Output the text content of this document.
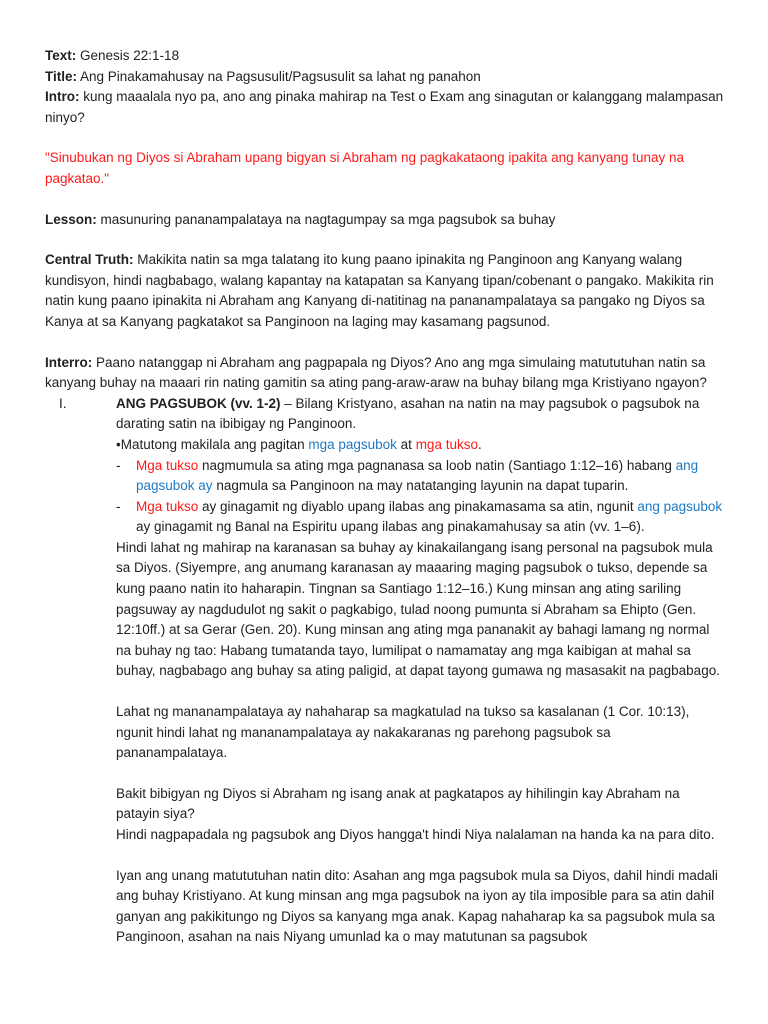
Text: Genesis 22:1-18

Title: Ang Pinakamahusay na Pagsusulit/Pagsusulit sa lahat ng panahon

Intro: kung maaalala nyo pa, ano ang pinaka mahirap na Test o Exam ang sinagutan or kalanggang malampasan ninyo?

"Sinubukan ng Diyos si Abraham upang bigyan si Abraham ng pagkakataong ipakita ang kanyang tunay na pagkatao."

Lesson: masunuring pananampalataya na nagtagumpay sa mga pagsubok sa buhay

Central Truth: Makikita natin sa mga talatang ito kung paano ipinakita ng Panginoon ang Kanyang walang kundisyon, hindi nagbabago, walang kapantay na katapatan sa Kanyang tipan/cobenant o pangako. Makikita rin natin kung paano ipinakita ni Abraham ang Kanyang di-natitinag na pananampalataya sa pangako ng Diyos sa Kanya at sa Kanyang pagkatakot sa Panginoon na laging may kasamang pagsunod.

Interro: Paano natanggap ni Abraham ang pagpapala ng Diyos? Ano ang mga simulaing matututuhan natin sa kanyang buhay na maaari rin nating gamitin sa ating pang-araw-araw na buhay bilang mga Kristiyano ngayon?

I.	ANG PAGSUBOK (vv. 1-2) – Bilang Kristyano, asahan na natin na may pagsubok o pagsubok na darating satin na ibibigay ng Panginoon.

•Matutong makilala ang pagitan mga pagsubok at mga tukso.

- Mga tukso nagmumula sa ating mga pagnanasa sa loob natin (Santiago 1:12–16) habang ang pagsubok ay nagmula sa Panginoon na may natatanging layunin na dapat tuparin.

- Mga tukso ay ginagamit ng diyablo upang ilabas ang pinakamasama sa atin, ngunit ang pagsubok ay ginagamit ng Banal na Espiritu upang ilabas ang pinakamahusay sa atin (vv. 1–6).

Hindi lahat ng mahirap na karanasan sa buhay ay kinakailangang isang personal na pagsubok mula sa Diyos. (Siyempre, ang anumang karanasan ay maaaring maging pagsubok o tukso, depende sa kung paano natin ito haharapin. Tingnan sa Santiago 1:12–16.) Kung minsan ang ating sariling pagsuway ay nagdudulot ng sakit o pagkabigo, tulad noong pumunta si Abraham sa Ehipto (Gen. 12:10ff.) at sa Gerar (Gen. 20). Kung minsan ang ating mga pananakit ay bahagi lamang ng normal na buhay ng tao: Habang tumatanda tayo, lumilipat o namamatay ang mga kaibigan at mahal sa buhay, nagbabago ang buhay sa ating paligid, at dapat tayong gumawa ng masasakit na pagbabago.

Lahat ng mananampalataya ay nahaharap sa magkatulad na tukso sa kasalanan (1 Cor. 10:13), ngunit hindi lahat ng mananampalataya ay nakakaranas ng parehong pagsubok sa pananampalataya.

Bakit bibigyan ng Diyos si Abraham ng isang anak at pagkatapos ay hihilingin kay Abraham na patayin siya?

Hindi nagpapadala ng pagsubok ang Diyos hangga't hindi Niya nalalaman na handa ka na para dito.

Iyan ang unang matututuhan natin dito: Asahan ang mga pagsubok mula sa Diyos, dahil hindi madali ang buhay Kristiyano. At kung minsan ang mga pagsubok na iyon ay tila imposible para sa atin dahil ganyan ang pakikitungo ng Diyos sa kanyang mga anak. Kapag nahaharap ka sa pagsubok mula sa Panginoon, asahan na nais Niyang umunlad ka o may matutunan sa pagsubok
